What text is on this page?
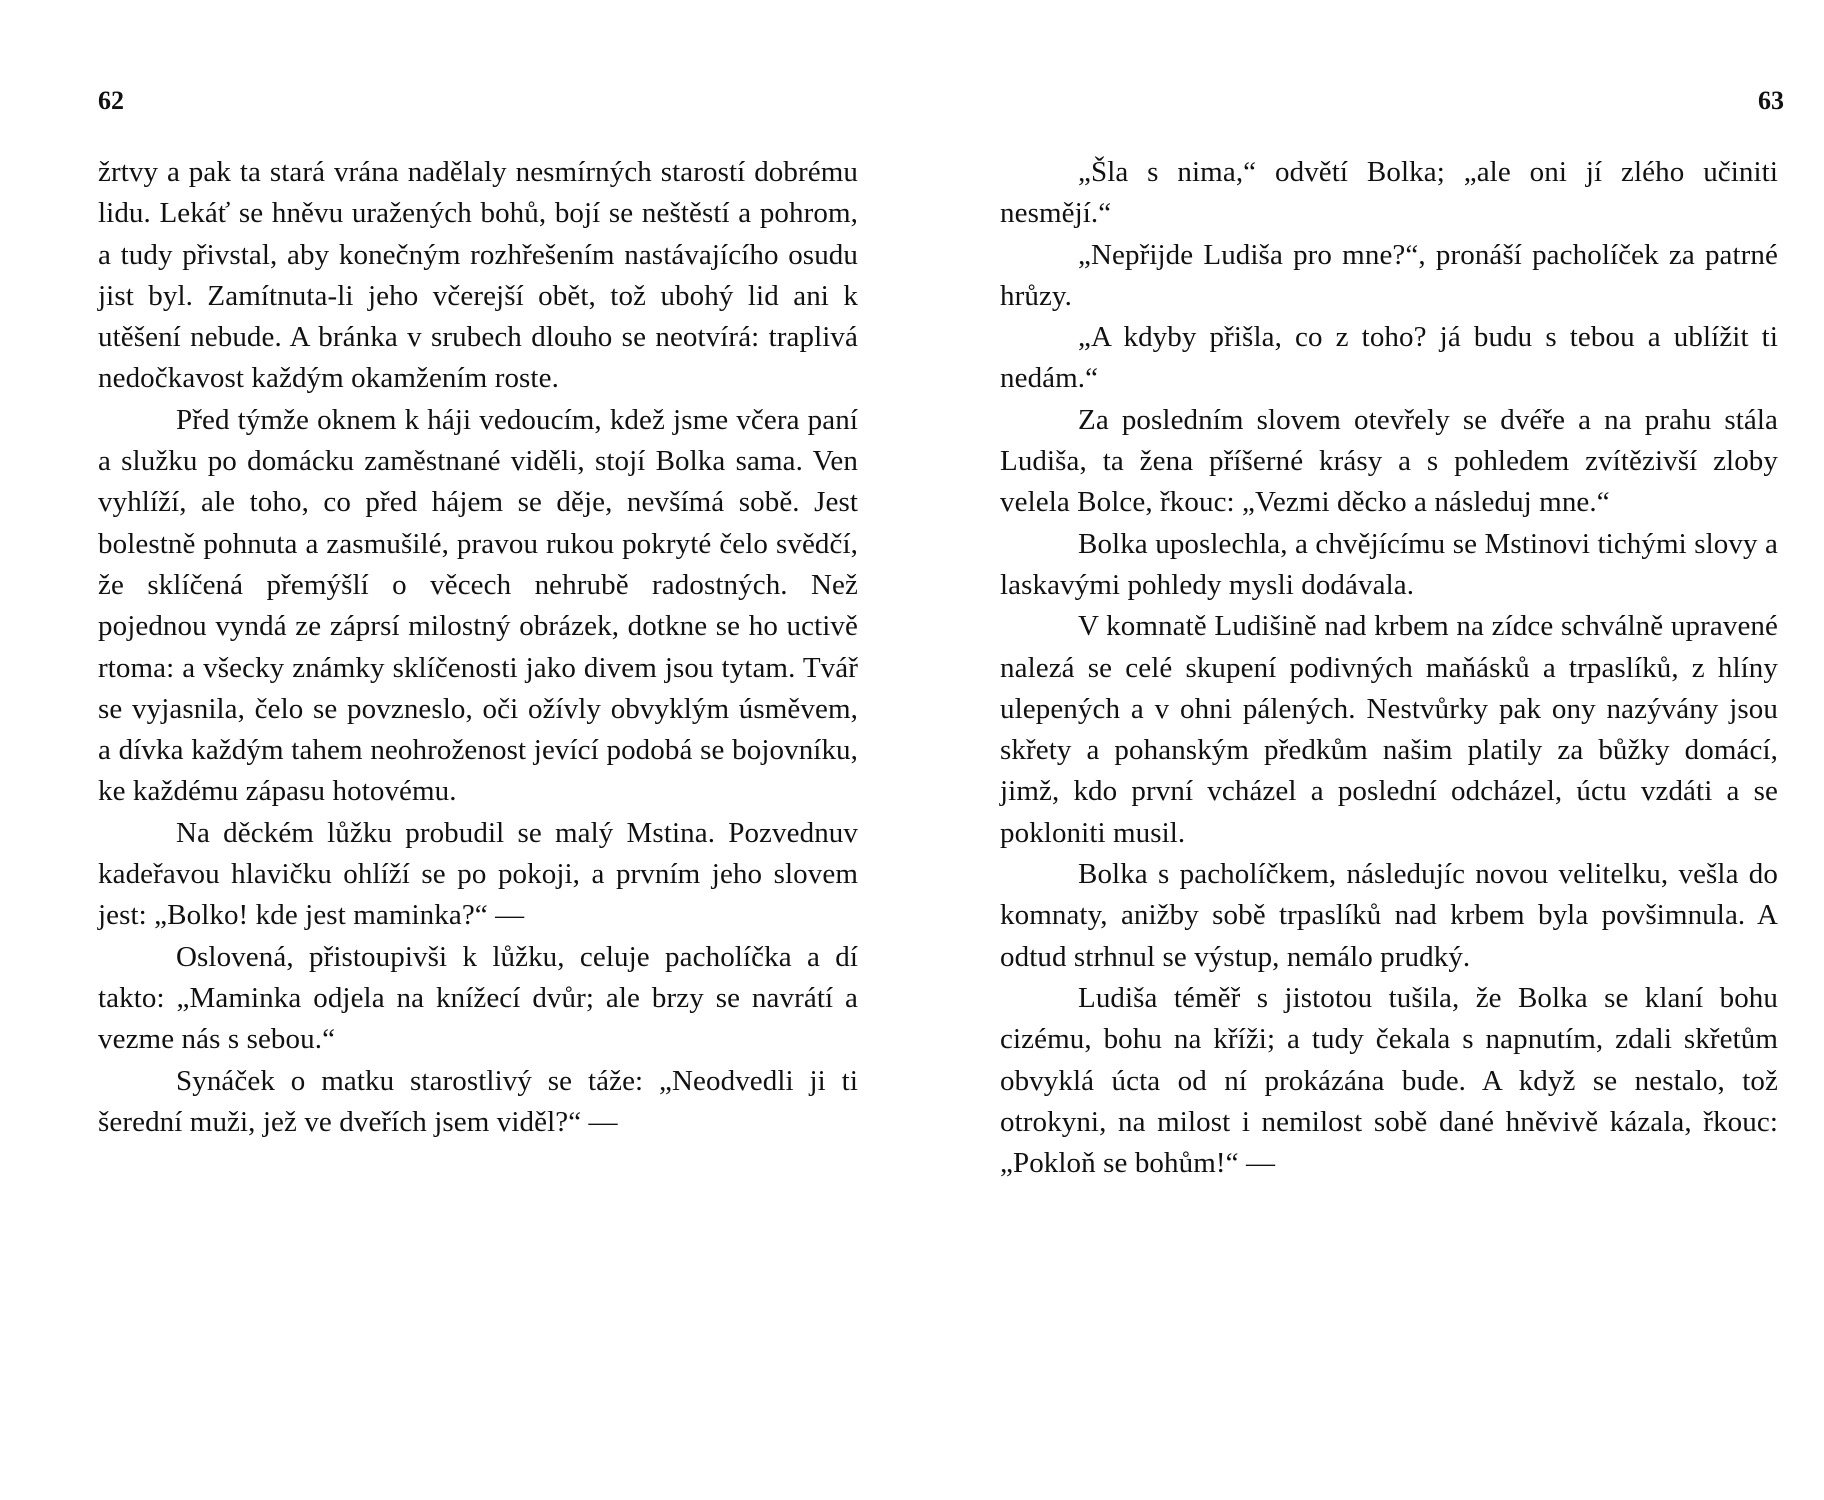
62

žrtvy a pak ta stará vrána nadělaly nesmírných starostí dobrému lidu. Lekáť se hněvu uražených bohů, bojí se neštěstí a pohrom, a tudy přivstal, aby konečným rozhřešením nastávajícího osudu jist byl. Zamítnuta-li jeho včerejší obět, tož ubohý lid ani k utěšení nebude. A bránka v srubech dlouho se neotvírá: traplivá nedočkavost každým okamžením roste.

Před týmže oknem k háji vedoucím, kdež jsme včera paní a služku po domácku zaměstnané viděli, stojí Bolka sama. Ven vyhlíží, ale toho, co před hájem se děje, nevšímá sobě. Jest bolestně pohnuta a zasmušilé, pravou rukou pokryté čelo svědčí, že sklíčená přemýšlí o věcech nehrubě radostných. Než pojednou vyndá ze záprsí milostný obrázek, dotkne se ho uctivě rtoma: a všecky známky sklíčenosti jako divem jsou tytam. Tvář se vyjasnila, čelo se povzneslo, oči ožívly obvyklým úsměvem, a dívka každým tahem neohroženost jevící podobá se bojovníku, ke každému zápasu hotovému.

Na děckém lůžku probudil se malý Mstina. Pozvednuv kadeřavou hlavičku ohlíží se po pokoji, a prvním jeho slovem jest: „Bolko! kde jest maminka?“ —

Oslovená, přistoupivši k lůžku, celuje pacholíčka a dí takto: „Maminka odjela na knížecí dvůr; ale brzy se navrátí a vezme nás s sebou.“

Synáček o matku starostlivý se táže: „Neodvedli ji ti šerední muži, jež ve dveřích jsem viděl?“ —

63

„Šla s nima,“ odvětí Bolka; „ale oni jí zlého učiniti nesmějí.“

„Nepřijde Ludiša pro mne?“, pronáší pacholíček za patrné hrůzy.

„A kdyby přišla, co z toho? já budu s tebou a ublížit ti nedám.“

Za posledním slovem otevřely se dvéře a na prahu stála Ludiša, ta žena příšerné krásy a s pohledem zvítězivší zloby velela Bolce, řkouc: „Vezmi děcko a následuj mne.“

Bolka uposlechla, a chvějícímu se Mstinovi tichými slovy a laskavými pohledy mysli dodávala.

V komnatě Ludišině nad krbem na zídce schválně upravené nalezá se celé skupení podivných maňásků a trpaslíků, z hlíny ulepených a v ohni pálených. Nestvůrky pak ony nazývány jsou skřety a pohanským předkům našim platily za bůžky domácí, jimž, kdo první vcházel a poslední odcházel, úctu vzdáti a se pokloniti musil.

Bolka s pacholíčkem, následujíc novou velitelku, vešla do komnaty, anižby sobě trpaslíků nad krbem byla povšimnula. A odtud strhnul se výstup, nemálo prudký.

Ludiša téměř s jistotou tušila, že Bolka se klaní bohu cizému, bohu na kříži; a tudy čekala s napnutím, zdali skřetům obvyklá úcta od ní prokázána bude. A když se nestalo, tož otrokyni, na milost i nemilost sobě dané hněvivě kázala, řkouc: „Pokloň se bohům!“ —
